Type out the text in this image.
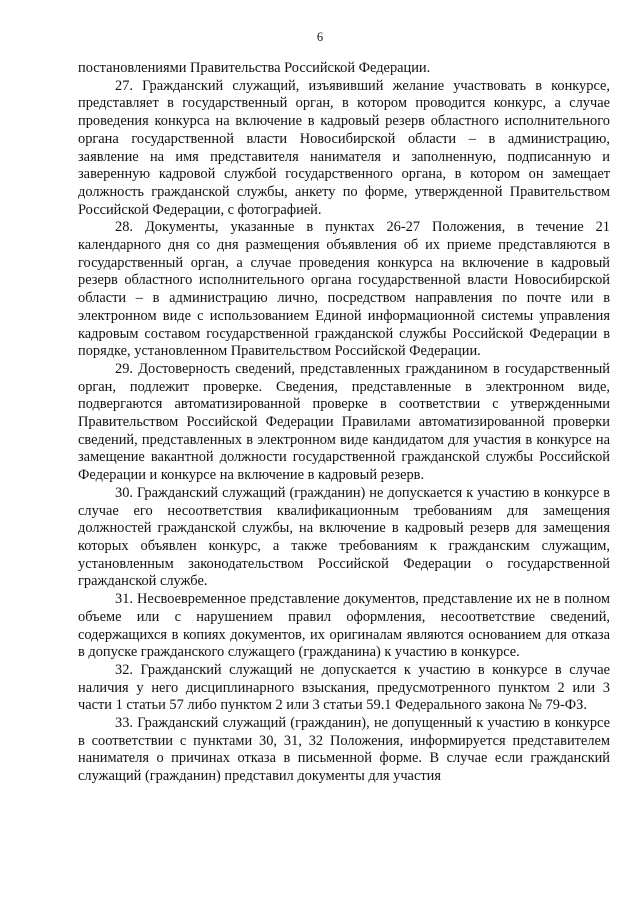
6

постановлениями Правительства Российской Федерации.

27. Гражданский служащий, изъявивший желание участвовать в конкурсе, представляет в государственный орган, в котором проводится конкурс, а случае проведения конкурса на включение в кадровый резерв областного исполнительного органа государственной власти Новосибирской области – в администрацию, заявление на имя представителя нанимателя и заполненную, подписанную и заверенную кадровой службой государственного органа, в котором он замещает должность гражданской службы, анкету по форме, утвержденной Правительством Российской Федерации, с фотографией.

28. Документы, указанные в пунктах 26-27 Положения, в течение 21 календарного дня со дня размещения объявления об их приеме представляются в государственный орган, а случае проведения конкурса на включение в кадровый резерв областного исполнительного органа государственной власти Новосибирской области – в администрацию лично, посредством направления по почте или в электронном виде с использованием Единой информационной системы управления кадровым составом государственной гражданской службы Российской Федерации в порядке, установленном Правительством Российской Федерации.

29. Достоверность сведений, представленных гражданином в государственный орган, подлежит проверке. Сведения, представленные в электронном виде, подвергаются автоматизированной проверке в соответствии с утвержденными Правительством Российской Федерации Правилами автоматизированной проверки сведений, представленных в электронном виде кандидатом для участия в конкурсе на замещение вакантной должности государственной гражданской службы Российской Федерации и конкурсе на включение в кадровый резерв.

30. Гражданский служащий (гражданин) не допускается к участию в конкурсе в случае его несоответствия квалификационным требованиям для замещения должностей гражданской службы, на включение в кадровый резерв для замещения которых объявлен конкурс, а также требованиям к гражданским служащим, установленным законодательством Российской Федерации о государственной гражданской службе.

31. Несвоевременное представление документов, представление их не в полном объеме или с нарушением правил оформления, несоответствие сведений, содержащихся в копиях документов, их оригиналам являются основанием для отказа в допуске гражданского служащего (гражданина) к участию в конкурсе.

32. Гражданский служащий не допускается к участию в конкурсе в случае наличия у него дисциплинарного взыскания, предусмотренного пунктом 2 или 3 части 1 статьи 57 либо пунктом 2 или 3 статьи 59.1 Федерального закона № 79-ФЗ.

33. Гражданский служащий (гражданин), не допущенный к участию в конкурсе в соответствии с пунктами 30, 31, 32 Положения, информируется представителем нанимателя о причинах отказа в письменной форме. В случае если гражданский служащий (гражданин) представил документы для участия
